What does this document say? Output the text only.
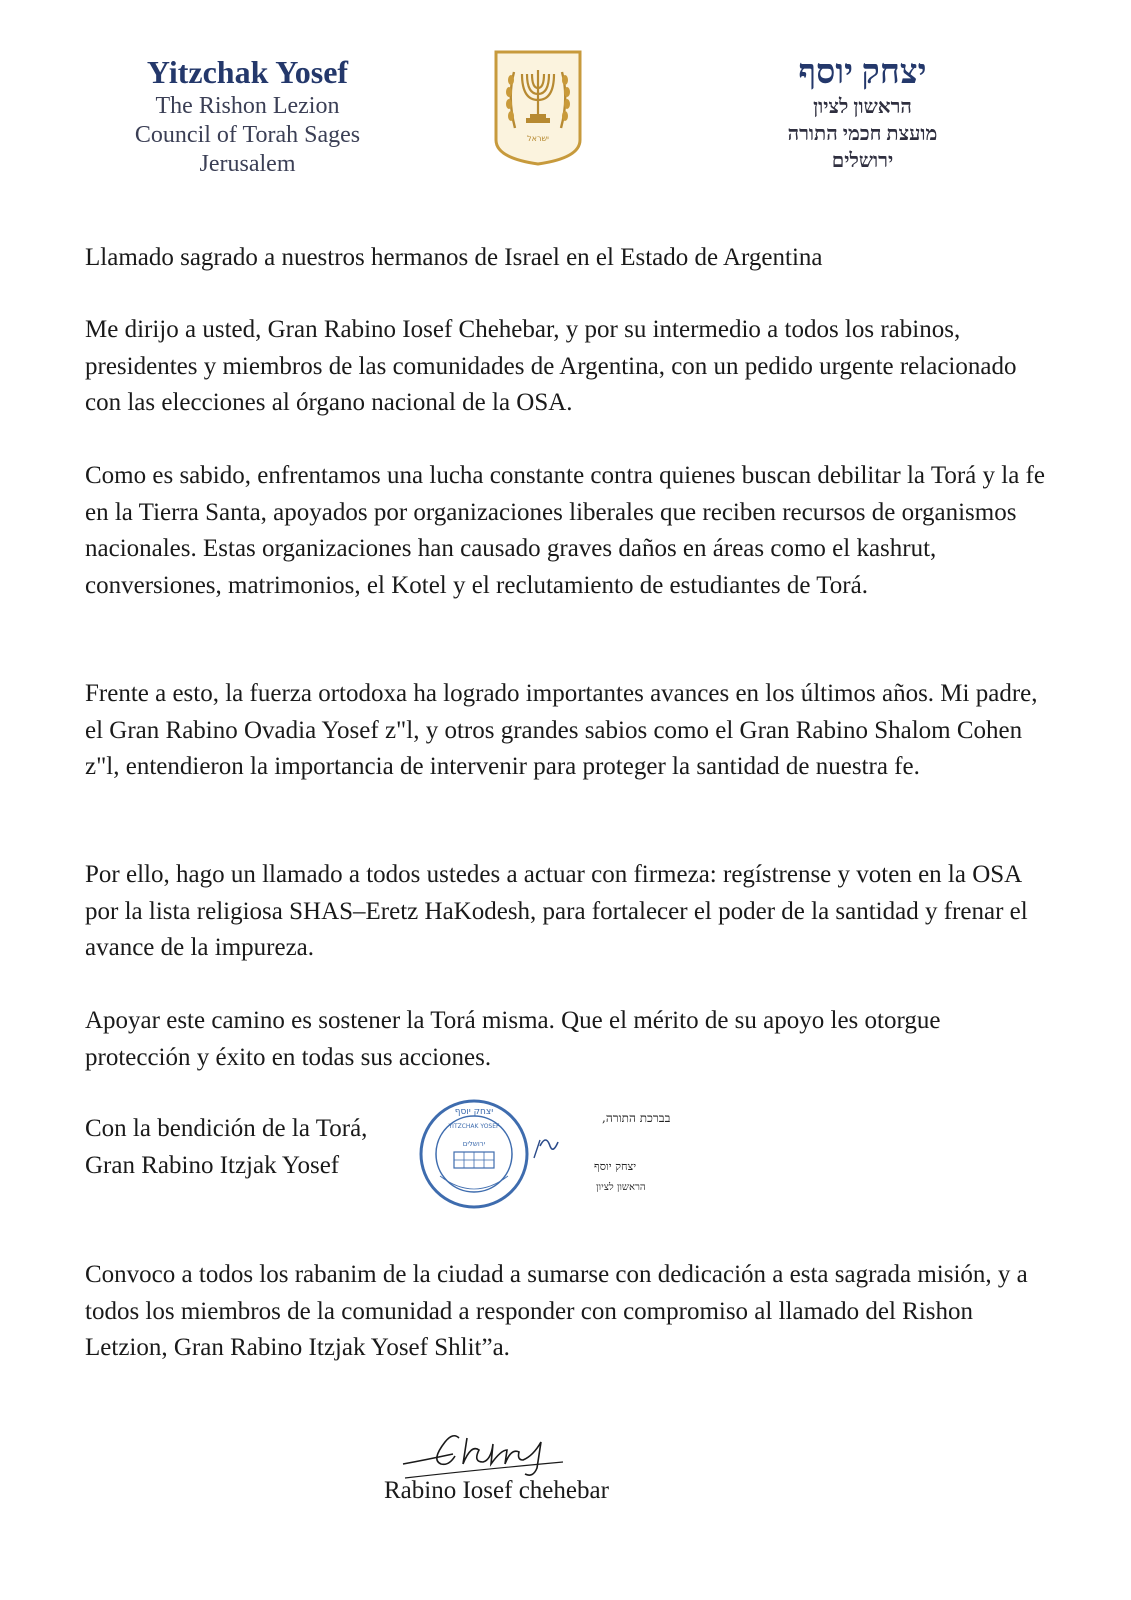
Yitzchak Yosef
The Rishon Lezion
Council of Torah Sages
Jerusalem
ישראל
יצחק יוסף
הראשון לציון
מועצת חכמי התורה
ירושלים

Llamado sagrado a nuestros hermanos de Israel en el Estado de Argentina

Me dirijo a usted, Gran Rabino Iosef Chehebar, y por su intermedio a todos los rabinos, presidentes y miembros de las comunidades de Argentina, con un pedido urgente relacionado con las elecciones al órgano nacional de la OSA.

Como es sabido, enfrentamos una lucha constante contra quienes buscan debilitar la Torá y la fe en la Tierra Santa, apoyados por organizaciones liberales que reciben recursos de organismos nacionales. Estas organizaciones han causado graves daños en áreas como el kashrut, conversiones, matrimonios, el Kotel y el reclutamiento de estudiantes de Torá.

Frente a esto, la fuerza ortodoxa ha logrado importantes avances en los últimos años. Mi padre, el Gran Rabino Ovadia Yosef z"l, y otros grandes sabios como el Gran Rabino Shalom Cohen z"l, entendieron la importancia de intervenir para proteger la santidad de nuestra fe.

Por ello, hago un llamado a todos ustedes a actuar con firmeza: regístrense y voten en la OSA por la lista religiosa SHAS–Eretz HaKodesh, para fortalecer el poder de la santidad y frenar el avance de la impureza.

Apoyar este camino es sostener la Torá misma. Que el mérito de su apoyo les otorgue protección y éxito en todas sus acciones.

Con la bendición de la Torá,
Gran Rabino Itzjak Yosef
יצחק יוסף
YITZCHAK YOSEF
ירושלים
בברכת התורה,
יצחק יוסף
הראשון לציון

Convoco a todos los rabanim de la ciudad a sumarse con dedicación a esta sagrada misión, y a todos los miembros de la comunidad a responder con compromiso al llamado del Rishon Letzion, Gran Rabino Itzjak Yosef Shlit”a.

Rabino Iosef chehebar
